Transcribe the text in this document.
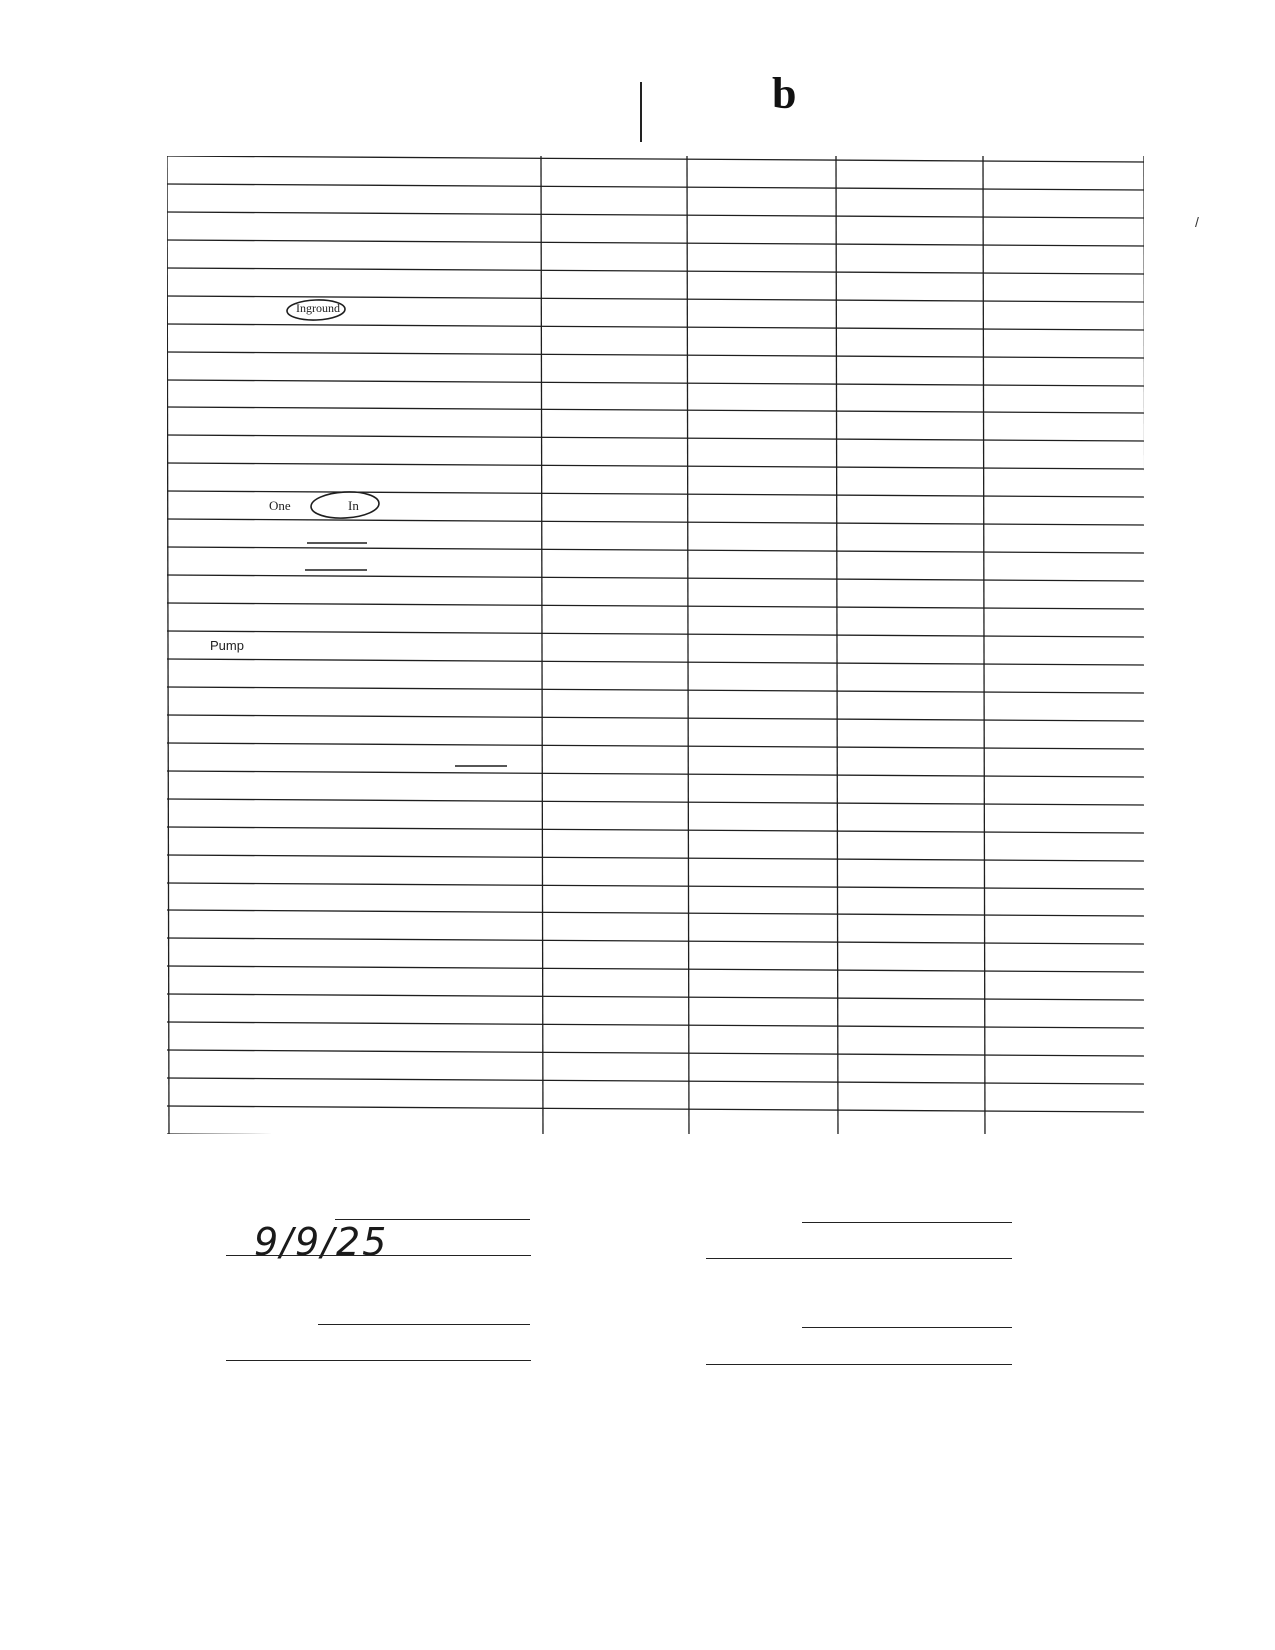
b
Inground
One	In
Pump
/
9/9/25
